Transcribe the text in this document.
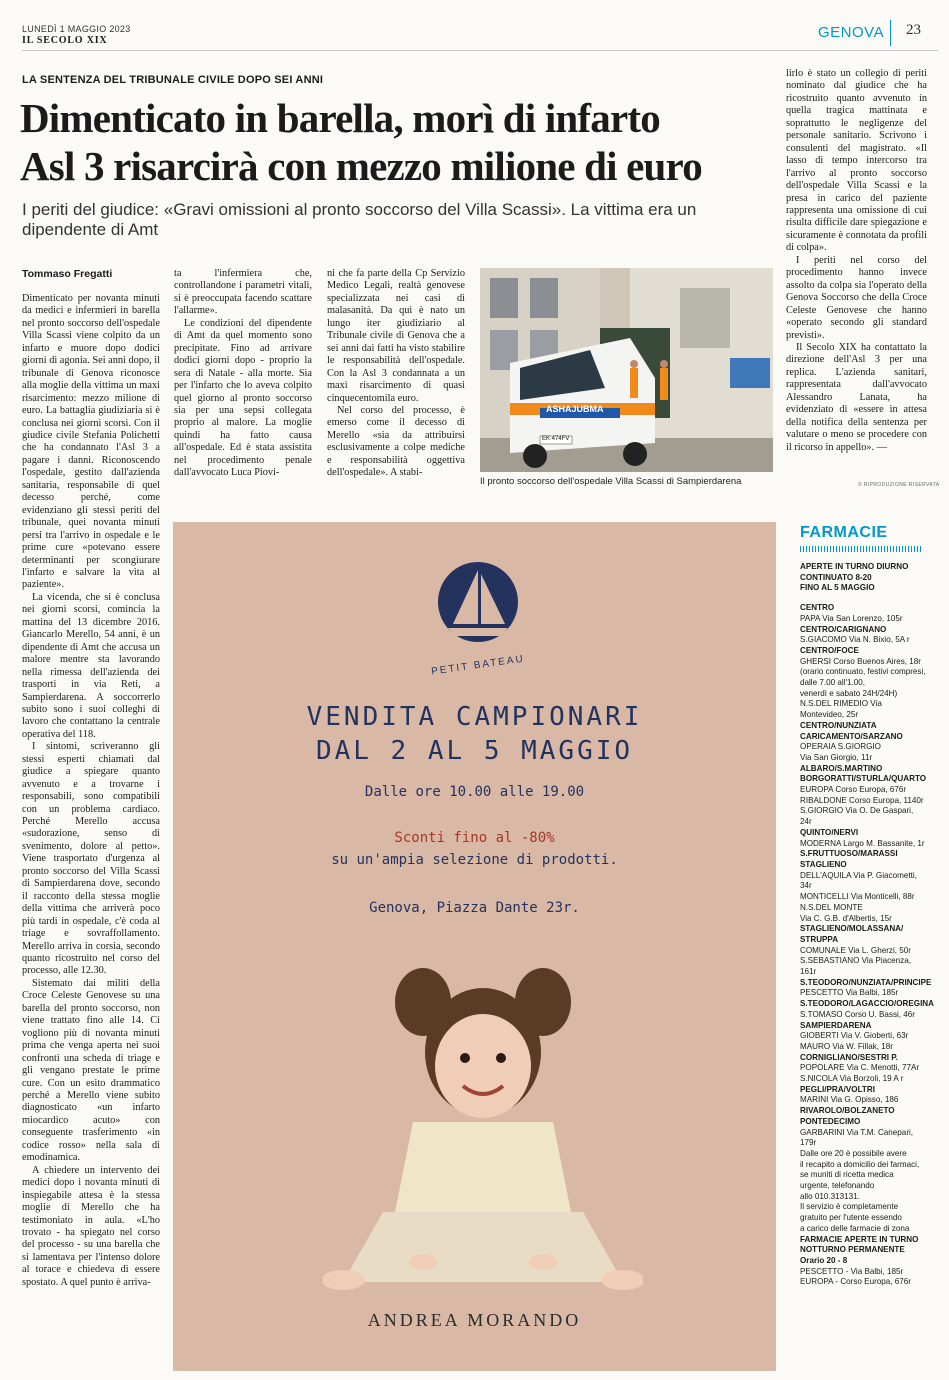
LUNEDÌ 1 MAGGIO 2023
IL SECOLO XIX	GENOVA 23
LA SENTENZA DEL TRIBUNALE CIVILE DOPO SEI ANNI
Dimenticato in barella, morì di infarto
Asl 3 risarcirà con mezzo milione di euro
I periti del giudice: «Gravi omissioni al pronto soccorso del Villa Scassi». La vittima era un dipendente di Amt
Tommaso Fregatti

Dimenticato per novanta minuti da medici e infermieri in barella nel pronto soccorso dell'ospedale Villa Scassi viene colpito da un infarto e muore dopo dodici giorni di agonia. Sei anni dopo, il tribunale di Genova riconosce alla moglie della vittima un maxi risarcimento: mezzo milione di euro. La battaglia giudiziaria si è conclusa nei giorni scorsi. Con il giudice civile Stefania Polichetti che ha condannato l'Asl 3 a pagare i danni. Riconoscendo l'ospedale, gestito dall'azienda sanitaria, responsabile di quel decesso perché, come evidenziano gli stessi periti del tribunale, quei novanta minuti persi tra l'arrivo in ospedale e le prime cure «potevano essere determinanti per scongiurare l'infarto e salvare la vita al paziente».

La vicenda, che si è conclusa nei giorni scorsi, comincia la mattina del 13 dicembre 2016. Giancarlo Merello, 54 anni, è un dipendente di Amt che accusa un malore mentre sta lavorando nella rimessa dell'azienda dei trasporti in via Reti, a Sampierdarena. A soccorrerlo subito sono i suoi colleghi di lavoro che contattano la centrale operativa del 118.

I sintomi, scriveranno gli stessi esperti chiamati dal giudice a spiegare quanto avvenuto e a trovarne i responsabili, sono compatibili con un problema cardiaco. Perché Merello accusa «sudorazione, senso di svenimento, dolore al petto». Viene trasportato d'urgenza al pronto soccorso del Villa Scassi di Sampierdarena dove, secondo il racconto della stessa moglie della vittima che arriverà poco più tardi in ospedale, c'è coda al triage e sovraffollamento. Merello arriva in corsia, secondo quanto ricostruito nel corso del processo, alle 12.30.

Sistemato dai militi della Croce Celeste Genovese su una barella del pronto soccorso, non viene trattato fino alle 14. Ci vogliono più di novanta minuti prima che venga aperta nei suoi confronti una scheda di triage e gli vengano prestate le prime cure. Con un esito drammatico perché a Merello viene subito diagnosticato «un infarto miocardico acuto» con conseguente trasferimento «in codice rosso» nella sala di emodinamica.

A chiedere un intervento dei medici dopo i novanta minuti di inspiegabile attesa è la stessa moglie di Merello che ha testimoniato in aula. «L'ho trovato - ha spiegato nel corso del processo - su una barella che si lamentava per l'intenso dolore al torace e chiedeva di essere spostato. A quel punto è arriva-

ta l'infermiera che, controllandone i parametri vitali, si è preoccupata facendo scattare l'allarme».

Le condizioni del dipendente di Amt da quel momento sono precipitate. Fino ad arrivare dodici giorni dopo - proprio la sera di Natale - alla morte. Sia per l'infarto che lo aveva colpito quel giorno al pronto soccorso sia per una sepsi collegata proprio al malore. La moglie quindi ha fatto causa all'ospedale. Ed è stata assistita nel procedimento penale dall'avvocato Luca Piovi-

ni che fa parte della Cp Servizio Medico Legali, realtà genovese specializzata nei casi di malasanità. Da qui è nato un lungo iter giudiziario al Tribunale civile di Genova che a sei anni dai fatti ha visto stabilire le responsabilità dell'ospedale. Con la Asl 3 condannata a un maxi risarcimento di quasi cinquecentomila euro.

Nel corso del processo, è emerso come il decesso di Merello «sia da attribuirsi esclusivamente a colpe mediche e responsabilità oggettiva dell'ospedale». A stabi-

ASHAJUBMA
EK 474FV
Il pronto soccorso dell'ospedale Villa Scassi di Sampierdarena

lirlo è stato un collegio di periti nominato dal giudice che ha ricostruito quanto avvenuto in quella tragica mattinata e soprattutto le negligenze del personale sanitario. Scrivono i consulenti del magistrato. «Il lasso di tempo intercorso tra l'arrivo al pronto soccorso dell'ospedale Villa Scassi e la presa in carico del paziente rappresenta una omissione di cui risulta difficile dare spiegazione e sicuramente è connotata da profili di colpa».

I periti nel corso del procedimento hanno invece assolto da colpa sia l'operato della Genova Soccorso che della Croce Celeste Genovese che hanno «operato secondo gli standard previsti».

Il Secolo XIX ha contattato la direzione dell'Asl 3 per una replica. L'azienda sanitari, rappresentata dall'avvocato Alessandro Lanata, ha evidenziato di «essere in attesa della notifica della sentenza per valutare o meno se procedere con il ricorso in appello». —

© RIPRODUZIONE RISERVATA
PETIT BATEAU
VENDITA CAMPIONARI
DAL 2 AL 5 MAGGIO
Dalle ore 10.00 alle 19.00
Sconti fino al -80%
su un'ampia selezione di prodotti.
Genova, Piazza Dante 23r.
ANDREA MORANDO
FARMACIE
APERTE IN TURNO DIURNO
CONTINUATO 8-20
FINO AL 5 MAGGIO
CENTRO
PAPA Via San Lorenzo, 105r
CENTRO/CARIGNANO
S.GIACOMO Via N. Bixio, 5A r
CENTRO/FOCE
GHERSI Corso Buenos Aires, 18r
(orario continuato, festivi compresi,
dalle 7.00 all'1.00,
venerdì e sabato 24H/24H)
N.S.DEL RIMEDIO Via Montevideo, 25r
CENTRO/NUNZIATA
CARICAMENTO/SARZANO
OPERAIA S.GIORGIO
Via San Giorgio, 11r
ALBARO/S.MARTINO
BORGORATTI/STURLA/QUARTO
EUROPA Corso Europa, 676r
RIBALDONE Corso Europa, 1140r
S.GIORGIO Via O. De Gaspari, 24r
QUINTO/NERVI
MODERNA Largo M. Bassanite, 1r
S.FRUTTUOSO/MARASSI
STAGLIENO
DELL'AQUILA Via P. Giacometti, 34r
MONTICELLI Via Monticelli, 88r
N.S.DEL MONTE
Via C. G.B. d'Albertis, 15r
STAGLIENO/MOLASSANA/
STRUPPA
COMUNALE Via L. Gherzi, 50r
S.SEBASTIANO Via Piacenza, 161r
S.TEODORO/NUNZIATA/PRINCIPE
PESCETTO Via Balbi, 185r
S.TEODORO/LAGACCIO/OREGINA
S.TOMASO Corso U. Bassi, 46r
SAMPIERDARENA
GIOBERTI Via V. Gioberti, 63r
MAURO Via W. Fillak, 18r
CORNIGLIANO/SESTRI P.
POPOLARE Via C. Menotti, 77Ar
S.NICOLA Via Borzoli, 19 A r
PEGLI/PRA/VOLTRI
MARINI Via G. Opisso, 186
RIVAROLO/BOLZANETO
PONTEDECIMO
GARBARINI Via T.M. Canepari, 179r
Dalle ore 20 è possibile avere
il recapito a domicilio dei farmaci,
se muniti di ricetta medica
urgente, telefonando
allo 010.313131.
Il servizio è completamente
gratuito per l'utente essendo
a carico delle farmacie di zona
FARMACIE APERTE IN TURNO
NOTTURNO PERMANENTE
Orario 20 - 8
PESCETTO - Via Balbi, 185r
EUROPA - Corso Europa, 676r
